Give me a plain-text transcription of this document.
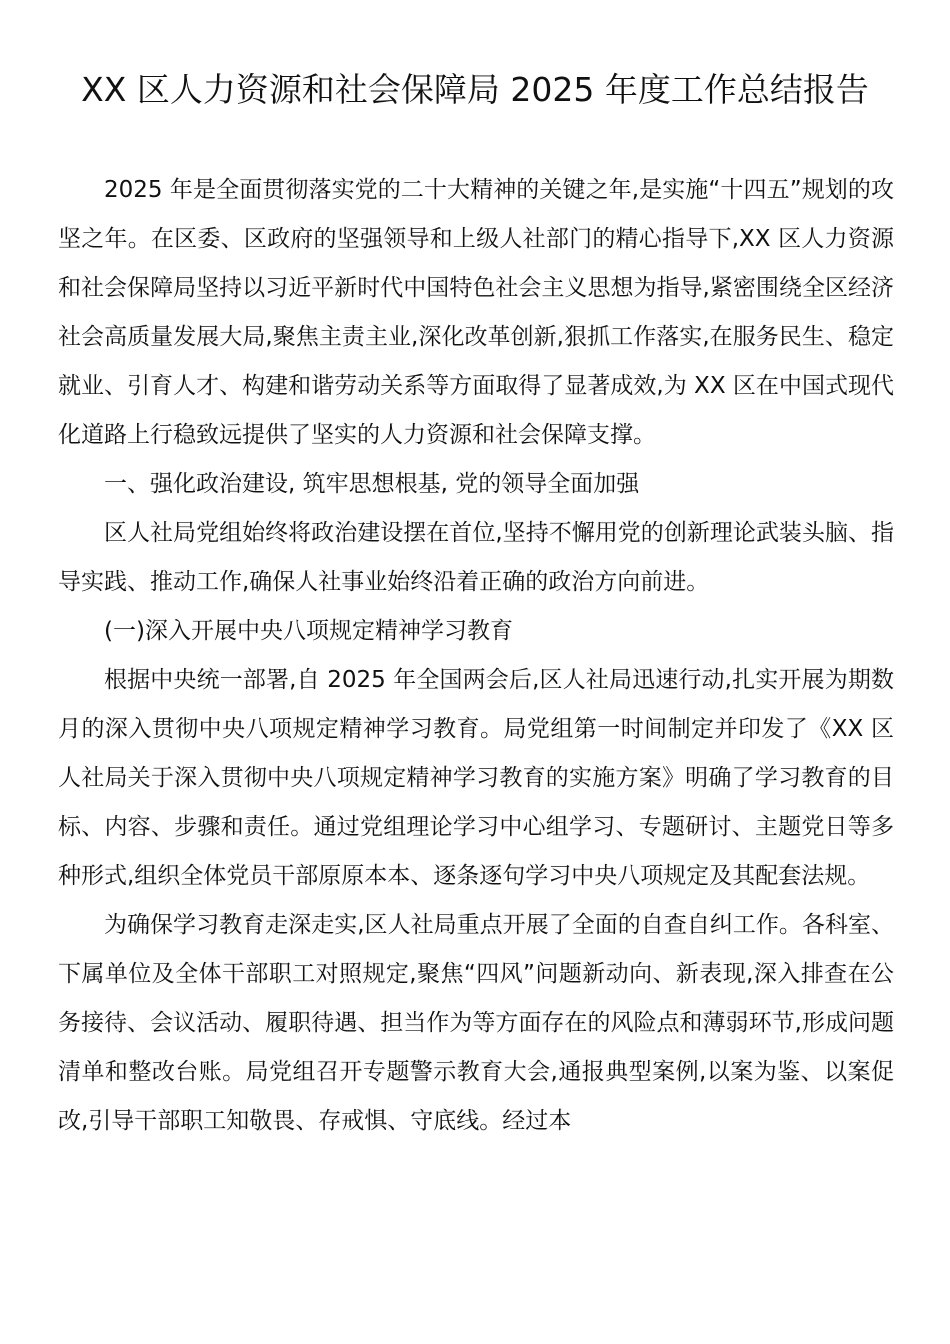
XX 区人力资源和社会保障局 2025 年度工作总结报告

2025 年是全面贯彻落实党的二十大精神的关键之年,是实施“十四五”规划的攻坚之年。在区委、区政府的坚强领导和上级人社部门的精心指导下,XX 区人力资源和社会保障局坚持以习近平新时代中国特色社会主义思想为指导,紧密围绕全区经济社会高质量发展大局,聚焦主责主业,深化改革创新,狠抓工作落实,在服务民生、稳定就业、引育人才、构建和谐劳动关系等方面取得了显著成效,为 XX 区在中国式现代化道路上行稳致远提供了坚实的人力资源和社会保障支撑。

一、强化政治建设, 筑牢思想根基, 党的领导全面加强

区人社局党组始终将政治建设摆在首位,坚持不懈用党的创新理论武装头脑、指导实践、推动工作,确保人社事业始终沿着正确的政治方向前进。

(一)深入开展中央八项规定精神学习教育

根据中央统一部署,自 2025 年全国两会后,区人社局迅速行动,扎实开展为期数月的深入贯彻中央八项规定精神学习教育。局党组第一时间制定并印发了《XX 区人社局关于深入贯彻中央八项规定精神学习教育的实施方案》明确了学习教育的目标、内容、步骤和责任。通过党组理论学习中心组学习、专题研讨、主题党日等多种形式,组织全体党员干部原原本本、逐条逐句学习中央八项规定及其配套法规。

为确保学习教育走深走实,区人社局重点开展了全面的自查自纠工作。各科室、下属单位及全体干部职工对照规定,聚焦“四风”问题新动向、新表现,深入排查在公务接待、会议活动、履职待遇、担当作为等方面存在的风险点和薄弱环节,形成问题清单和整改台账。局党组召开专题警示教育大会,通报典型案例,以案为鉴、以案促改,引导干部职工知敬畏、存戒惧、守底线。经过本
